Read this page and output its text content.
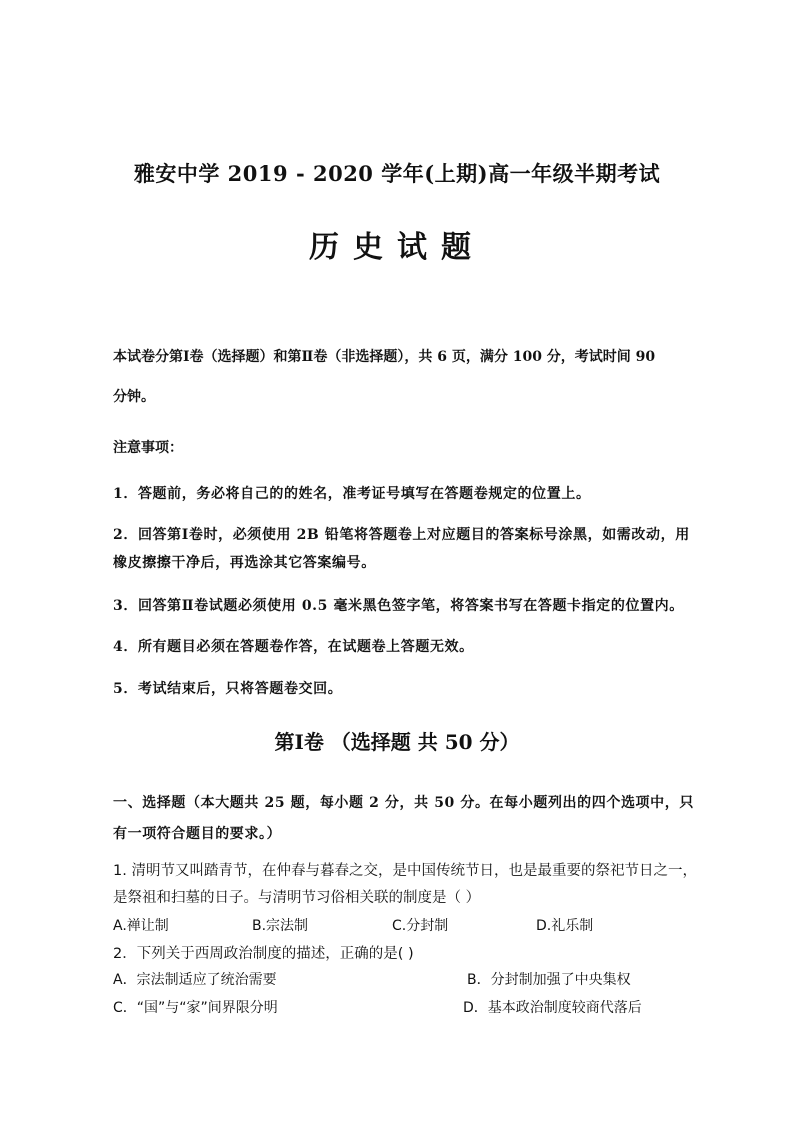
雅安中学 2019 - 2020 学年(上期)高一年级半期考试
历史试题
本试卷分第Ⅰ卷（选择题）和第Ⅱ卷（非选择题），共 6 页，满分 100 分，考试时间 90
分钟。
注意事项：
1．答题前，务必将自己的的姓名，准考证号填写在答题卷规定的位置上。
2．回答第Ⅰ卷时，必须使用 2B 铅笔将答题卷上对应题目的答案标号涂黑，如需改动，用
橡皮擦擦干净后，再选涂其它答案编号。
3．回答第Ⅱ卷试题必须使用 0.5 毫米黑色签字笔，将答案书写在答题卡指定的位置内。
4．所有题目必须在答题卷作答，在试题卷上答题无效。
5．考试结束后，只将答题卷交回。
第Ⅰ卷 （选择题 共 50 分）
一、选择题（本大题共 25 题，每小题 2 分，共 50 分。在每小题列出的四个选项中，只
有一项符合题目的要求。）
1. 清明节又叫踏青节，在仲春与暮春之交，是中国传统节日，也是最重要的祭祀节日之一，
是祭祖和扫墓的日子。与清明节习俗相关联的制度是（ ）
A.禅让制	B.宗法制	C.分封制	D.礼乐制
2．下列关于西周政治制度的描述，正确的是( )
A．宗法制适应了统治需要	B．分封制加强了中央集权
C．“国”与“家”间界限分明	D．基本政治制度较商代落后
